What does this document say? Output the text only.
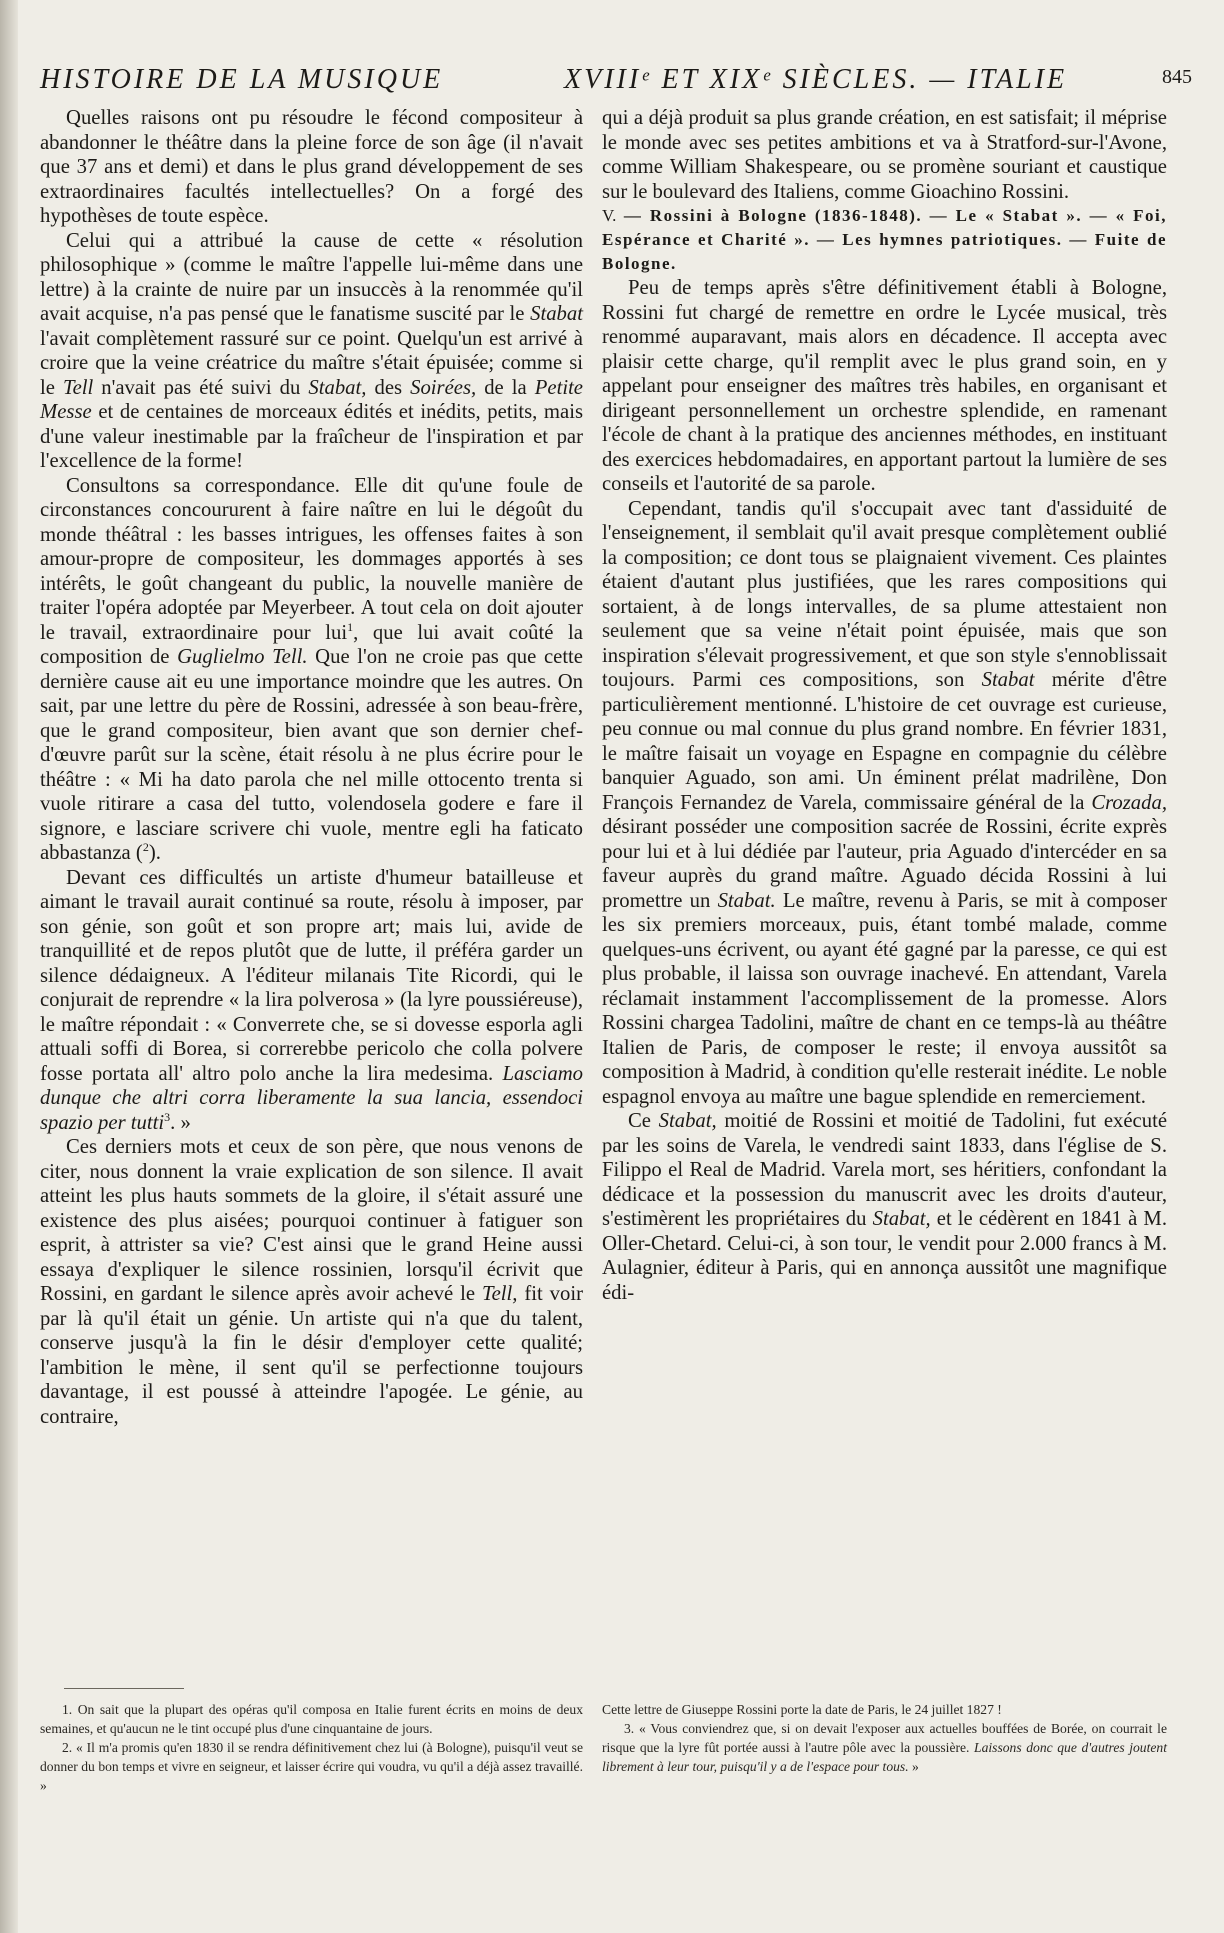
HISTOIRE DE LA MUSIQUE	XVIIIᵉ ET XIXᵉ SIÈCLES. — ITALIE	845

Quelles raisons ont pu résoudre le fécond compositeur à abandonner le théâtre dans la pleine force de son âge (il n'avait que 37 ans et demi) et dans le plus grand développement de ses extraordinaires facultés intellectuelles? On a forgé des hypothèses de toute espèce.

Celui qui a attribué la cause de cette « résolution philosophique » (comme le maître l'appelle lui-même dans une lettre) à la crainte de nuire par un insuccès à la renommée qu'il avait acquise, n'a pas pensé que le fanatisme suscité par le Stabat l'avait complètement rassuré sur ce point. Quelqu'un est arrivé à croire que la veine créatrice du maître s'était épuisée; comme si le Tell n'avait pas été suivi du Stabat, des Soirées, de la Petite Messe et de centaines de morceaux édités et inédits, petits, mais d'une valeur inestimable par la fraîcheur de l'inspiration et par l'excellence de la forme!

Consultons sa correspondance. Elle dit qu'une foule de circonstances concoururent à faire naître en lui le dégoût du monde théâtral : les basses intrigues, les offenses faites à son amour-propre de compositeur, les dommages apportés à ses intérêts, le goût changeant du public, la nouvelle manière de traiter l'opéra adoptée par Meyerbeer. A tout cela on doit ajouter le travail, extraordinaire pour lui$^1$, que lui avait coûté la composition de Guglielmo Tell. Que l'on ne croie pas que cette dernière cause ait eu une importance moindre que les autres. On sait, par une lettre du père de Rossini, adressée à son beau-frère, que le grand compositeur, bien avant que son dernier chef-d'œuvre parût sur la scène, était résolu à ne plus écrire pour le théâtre : « Mi ha dato parola che nel mille ottocento trenta si vuole ritirare a casa del tutto, volendosela godere e fare il signore, e lasciare scrivere chi vuole, mentre egli ha faticato abbastanza ($^2$).

Devant ces difficultés un artiste d'humeur batailleuse et aimant le travail aurait continué sa route, résolu à imposer, par son génie, son goût et son propre art; mais lui, avide de tranquillité et de repos plutôt que de lutte, il préféra garder un silence dédaigneux. A l'éditeur milanais Tite Ricordi, qui le conjurait de reprendre « la lira polverosa » (la lyre poussiéreuse), le maître répondait : « Converrete che, se si dovesse esporla agli attuali soffi di Borea, si correrebbe pericolo che colla polvere fosse portata all' altro polo anche la lira medesima. Lasciamo dunque che altri corra liberamente la sua lancia, essendoci spazio per tutti$^3$. »

Ces derniers mots et ceux de son père, que nous venons de citer, nous donnent la vraie explication de son silence. Il avait atteint les plus hauts sommets de la gloire, il s'était assuré une existence des plus aisées; pourquoi continuer à fatiguer son esprit, à attrister sa vie? C'est ainsi que le grand Heine aussi essaya d'expliquer le silence rossinien, lorsqu'il écrivit que Rossini, en gardant le silence après avoir achevé le Tell, fit voir par là qu'il était un génie. Un artiste qui n'a que du talent, conserve jusqu'à la fin le désir d'employer cette qualité; l'ambition le mène, il sent qu'il se perfectionne toujours davantage, il est poussé à atteindre l'apogée. Le génie, au contraire,

qui a déjà produit sa plus grande création, en est satisfait; il méprise le monde avec ses petites ambitions et va à Stratford-sur-l'Avone, comme William Shakespeare, ou se promène souriant et caustique sur le boulevard des Italiens, comme Gioachino Rossini.

V. — Rossini à Bologne (1836-1848). — Le « Stabat ». — « Foi, Espérance et Charité ». — Les hymnes patriotiques. — Fuite de Bologne.

Peu de temps après s'être définitivement établi à Bologne, Rossini fut chargé de remettre en ordre le Lycée musical, très renommé auparavant, mais alors en décadence. Il accepta avec plaisir cette charge, qu'il remplit avec le plus grand soin, en y appelant pour enseigner des maîtres très habiles, en organisant et dirigeant personnellement un orchestre splendide, en ramenant l'école de chant à la pratique des anciennes méthodes, en instituant des exercices hebdomadaires, en apportant partout la lumière de ses conseils et l'autorité de sa parole.

Cependant, tandis qu'il s'occupait avec tant d'assiduité de l'enseignement, il semblait qu'il avait presque complètement oublié la composition; ce dont tous se plaignaient vivement. Ces plaintes étaient d'autant plus justifiées, que les rares compositions qui sortaient, à de longs intervalles, de sa plume attestaient non seulement que sa veine n'était point épuisée, mais que son inspiration s'élevait progressivement, et que son style s'ennoblissait toujours. Parmi ces compositions, son Stabat mérite d'être particulièrement mentionné. L'histoire de cet ouvrage est curieuse, peu connue ou mal connue du plus grand nombre. En février 1831, le maître faisait un voyage en Espagne en compagnie du célèbre banquier Aguado, son ami. Un éminent prélat madrilène, Don François Fernandez de Varela, commissaire général de la Crozada, désirant posséder une composition sacrée de Rossini, écrite exprès pour lui et à lui dédiée par l'auteur, pria Aguado d'intercéder en sa faveur auprès du grand maître. Aguado décida Rossini à lui promettre un Stabat. Le maître, revenu à Paris, se mit à composer les six premiers morceaux, puis, étant tombé malade, comme quelques-uns écrivent, ou ayant été gagné par la paresse, ce qui est plus probable, il laissa son ouvrage inachevé. En attendant, Varela réclamait instamment l'accomplissement de la promesse. Alors Rossini chargea Tadolini, maître de chant en ce temps-là au théâtre Italien de Paris, de composer le reste; il envoya aussitôt sa composition à Madrid, à condition qu'elle resterait inédite. Le noble espagnol envoya au maître une bague splendide en remerciement.

Ce Stabat, moitié de Rossini et moitié de Tadolini, fut exécuté par les soins de Varela, le vendredi saint 1833, dans l'église de S. Filippo el Real de Madrid. Varela mort, ses héritiers, confondant la dédicace et la possession du manuscrit avec les droits d'auteur, s'estimèrent les propriétaires du Stabat, et le cédèrent en 1841 à M. Oller-Chetard. Celui-ci, à son tour, le vendit pour 2.000 francs à M. Aulagnier, éditeur à Paris, qui en annonça aussitôt une magnifique édi-

1. On sait que la plupart des opéras qu'il composa en Italie furent écrits en moins de deux semaines, et qu'aucun ne le tint occupé plus d'une cinquantaine de jours.

2. « Il m'a promis qu'en 1830 il se rendra définitivement chez lui (à Bologne), puisqu'il veut se donner du bon temps et vivre en seigneur, et laisser écrire qui voudra, vu qu'il a déjà assez travaillé. »

Cette lettre de Giuseppe Rossini porte la date de Paris, le 24 juillet 1827 !

3. « Vous conviendrez que, si on devait l'exposer aux actuelles bouffées de Borée, on courrait le risque que la lyre fût portée aussi à l'autre pôle avec la poussière. Laissons donc que d'autres joutent librement à leur tour, puisqu'il y a de l'espace pour tous. »
